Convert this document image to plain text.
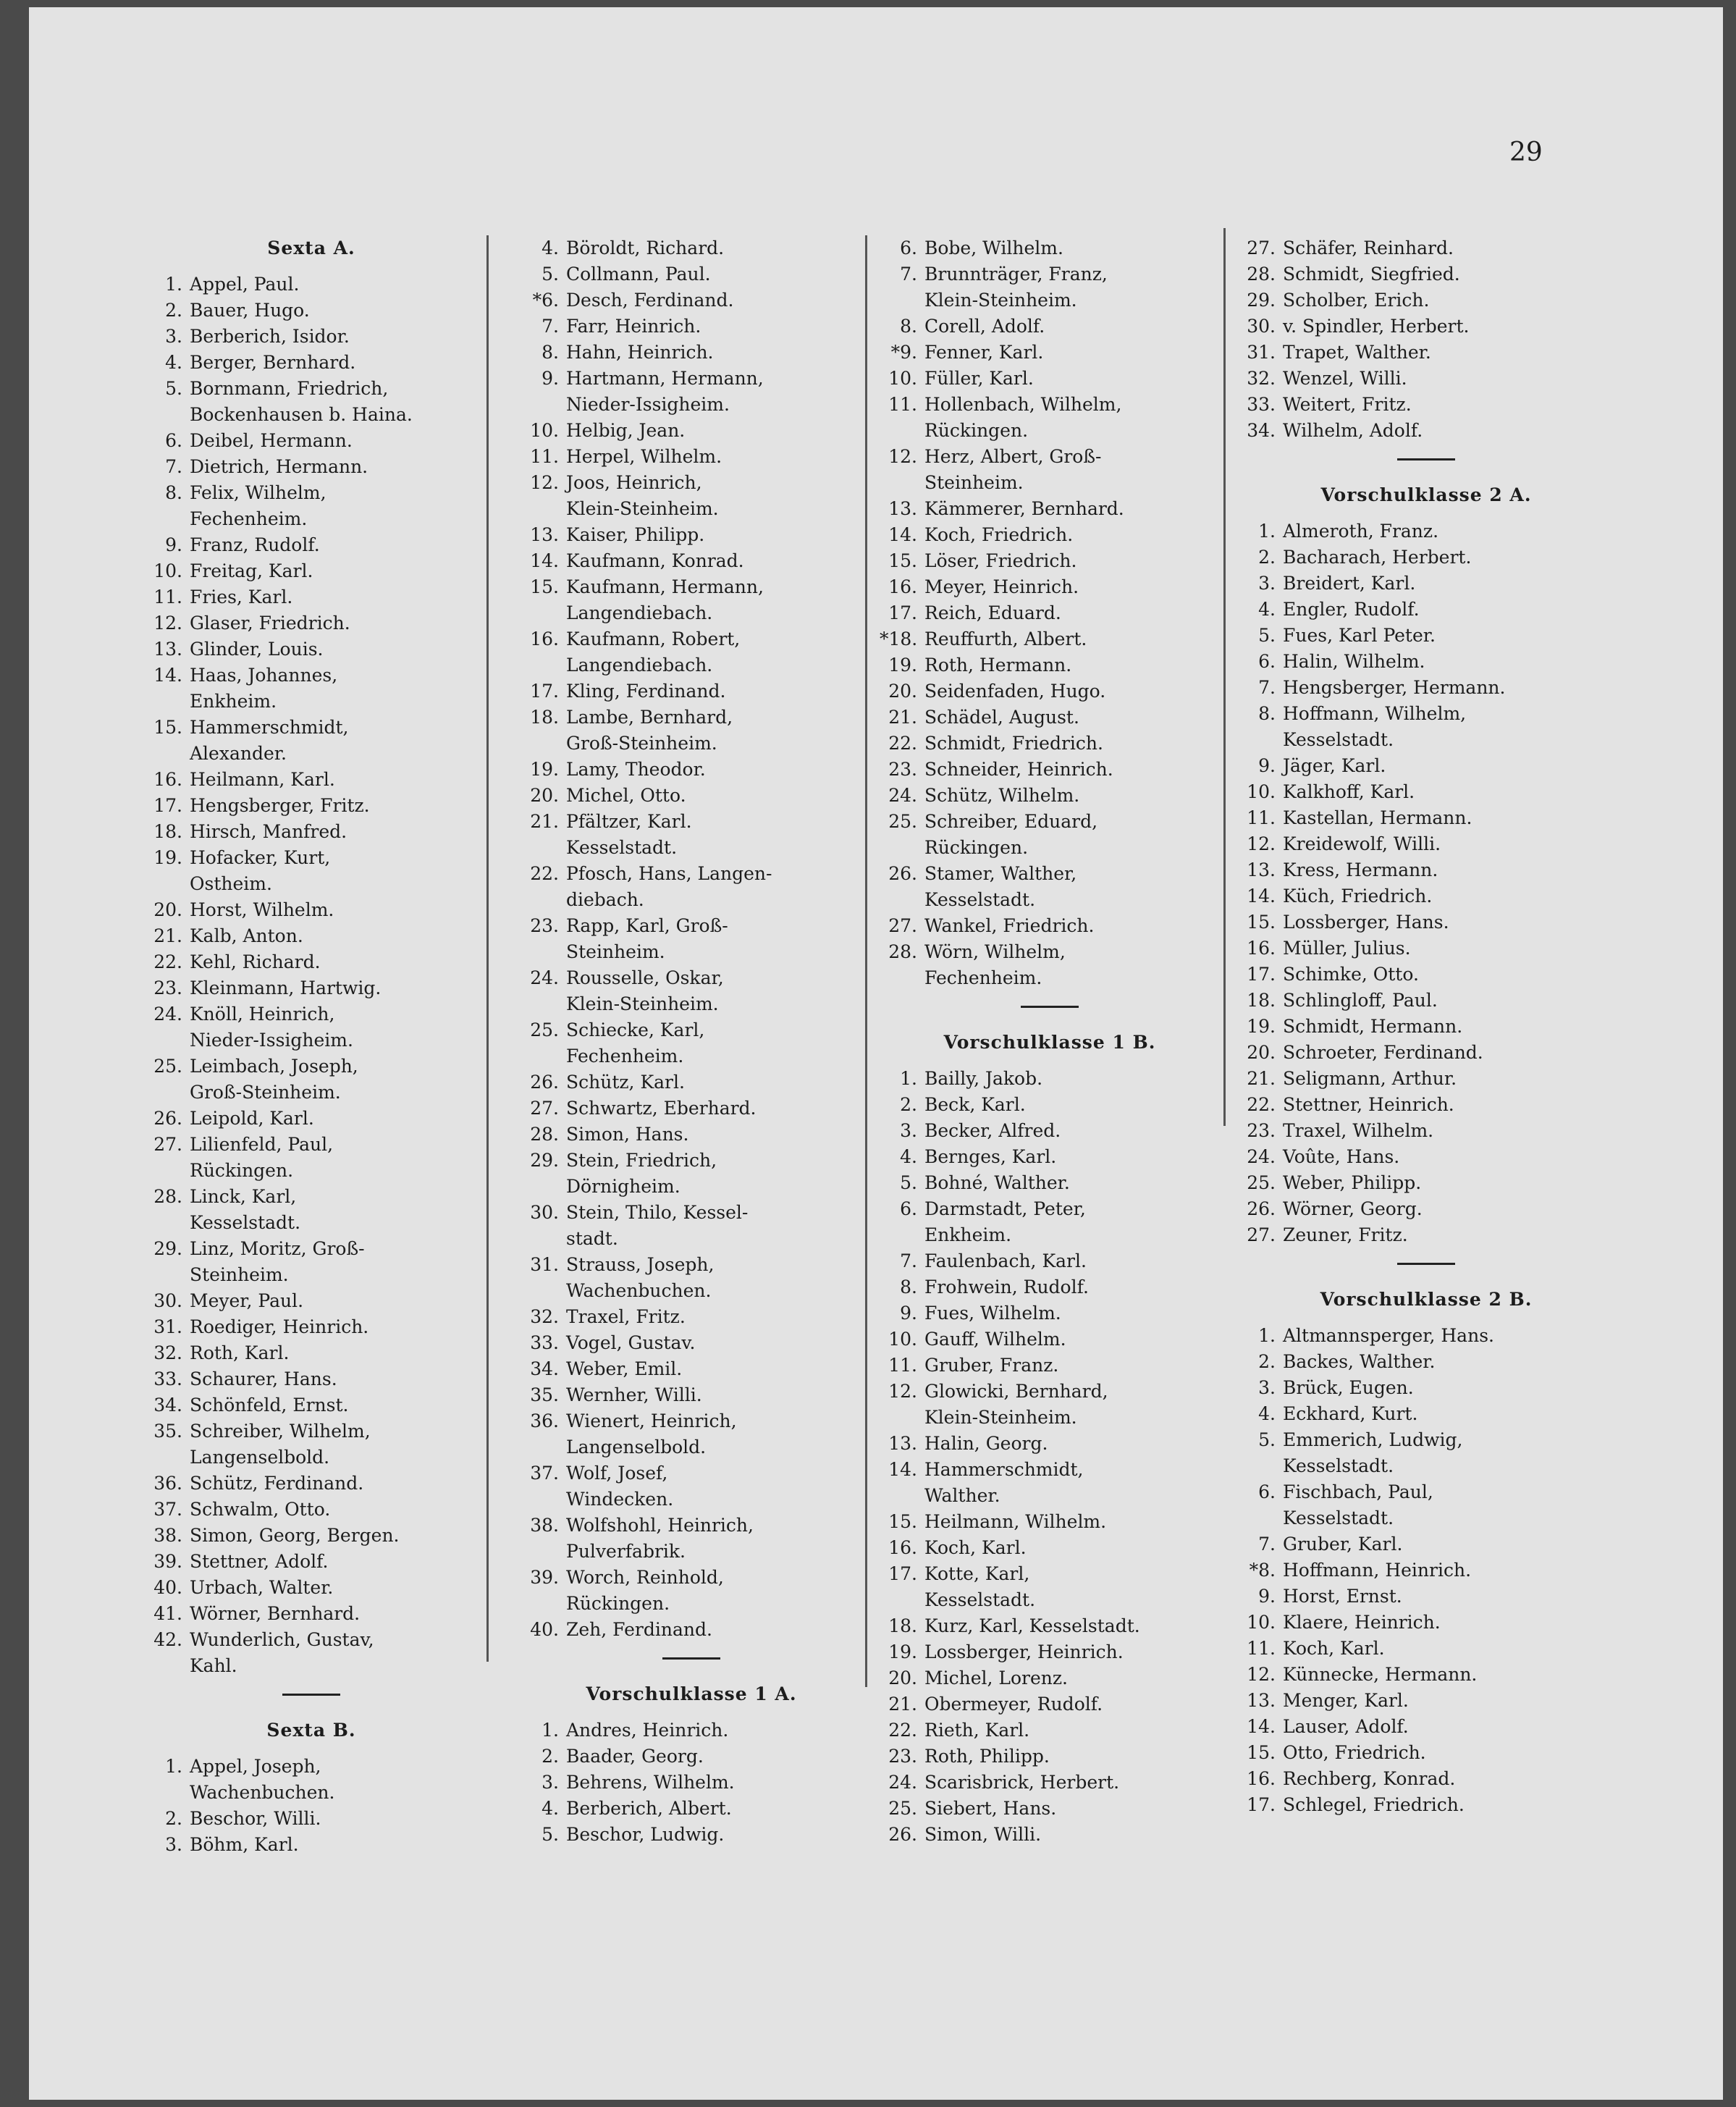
29
Sexta A.
1. Appel, Paul.
2. Bauer, Hugo.
3. Berberich, Isidor.
4. Berger, Bernhard.
5. Bornmann, Friedrich,
Bockenhausen b. Haina.
6. Deibel, Hermann.
7. Dietrich, Hermann.
8. Felix, Wilhelm,
Fechenheim.
9. Franz, Rudolf.
10. Freitag, Karl.
11. Fries, Karl.
12. Glaser, Friedrich.
13. Glinder, Louis.
14. Haas, Johannes,
Enkheim.
15. Hammerschmidt,
Alexander.
16. Heilmann, Karl.
17. Hengsberger, Fritz.
18. Hirsch, Manfred.
19. Hofacker, Kurt,
Ostheim.
20. Horst, Wilhelm.
21. Kalb, Anton.
22. Kehl, Richard.
23. Kleinmann, Hartwig.
24. Knöll, Heinrich,
Nieder-Issigheim.
25. Leimbach, Joseph,
Groß-Steinheim.
26. Leipold, Karl.
27. Lilienfeld, Paul,
Rückingen.
28. Linck, Karl,
Kesselstadt.
29. Linz, Moritz, Groß-
Steinheim.
30. Meyer, Paul.
31. Roediger, Heinrich.
32. Roth, Karl.
33. Schaurer, Hans.
34. Schönfeld, Ernst.
35. Schreiber, Wilhelm,
Langenselbold.
36. Schütz, Ferdinand.
37. Schwalm, Otto.
38. Simon, Georg, Bergen.
39. Stettner, Adolf.
40. Urbach, Walter.
41. Wörner, Bernhard.
42. Wunderlich, Gustav,
Kahl.
Sexta B.
1. Appel, Joseph,
Wachenbuchen.
2. Beschor, Willi.
3. Böhm, Karl.
4. Böroldt, Richard.
5. Collmann, Paul.
*6. Desch, Ferdinand.
7. Farr, Heinrich.
8. Hahn, Heinrich.
9. Hartmann, Hermann,
Nieder-Issigheim.
10. Helbig, Jean.
11. Herpel, Wilhelm.
12. Joos, Heinrich,
Klein-Steinheim.
13. Kaiser, Philipp.
14. Kaufmann, Konrad.
15. Kaufmann, Hermann,
Langendiebach.
16. Kaufmann, Robert,
Langendiebach.
17. Kling, Ferdinand.
18. Lambe, Bernhard,
Groß-Steinheim.
19. Lamy, Theodor.
20. Michel, Otto.
21. Pfältzer, Karl.
Kesselstadt.
22. Pfosch, Hans, Langen-
diebach.
23. Rapp, Karl, Groß-
Steinheim.
24. Rousselle, Oskar,
Klein-Steinheim.
25. Schiecke, Karl,
Fechenheim.
26. Schütz, Karl.
27. Schwartz, Eberhard.
28. Simon, Hans.
29. Stein, Friedrich,
Dörnigheim.
30. Stein, Thilo, Kessel-
stadt.
31. Strauss, Joseph,
Wachenbuchen.
32. Traxel, Fritz.
33. Vogel, Gustav.
34. Weber, Emil.
35. Wernher, Willi.
36. Wienert, Heinrich,
Langenselbold.
37. Wolf, Josef,
Windecken.
38. Wolfshohl, Heinrich,
Pulverfabrik.
39. Worch, Reinhold,
Rückingen.
40. Zeh, Ferdinand.
Vorschulklasse 1 A.
1. Andres, Heinrich.
2. Baader, Georg.
3. Behrens, Wilhelm.
4. Berberich, Albert.
5. Beschor, Ludwig.
6. Bobe, Wilhelm.
7. Brunnträger, Franz,
Klein-Steinheim.
8. Corell, Adolf.
*9. Fenner, Karl.
10. Füller, Karl.
11. Hollenbach, Wilhelm,
Rückingen.
12. Herz, Albert, Groß-
Steinheim.
13. Kämmerer, Bernhard.
14. Koch, Friedrich.
15. Löser, Friedrich.
16. Meyer, Heinrich.
17. Reich, Eduard.
*18. Reuffurth, Albert.
19. Roth, Hermann.
20. Seidenfaden, Hugo.
21. Schädel, August.
22. Schmidt, Friedrich.
23. Schneider, Heinrich.
24. Schütz, Wilhelm.
25. Schreiber, Eduard,
Rückingen.
26. Stamer, Walther,
Kesselstadt.
27. Wankel, Friedrich.
28. Wörn, Wilhelm,
Fechenheim.
Vorschulklasse 1 B.
1. Bailly, Jakob.
2. Beck, Karl.
3. Becker, Alfred.
4. Bernges, Karl.
5. Bohné, Walther.
6. Darmstadt, Peter,
Enkheim.
7. Faulenbach, Karl.
8. Frohwein, Rudolf.
9. Fues, Wilhelm.
10. Gauff, Wilhelm.
11. Gruber, Franz.
12. Glowicki, Bernhard,
Klein-Steinheim.
13. Halin, Georg.
14. Hammerschmidt,
Walther.
15. Heilmann, Wilhelm.
16. Koch, Karl.
17. Kotte, Karl,
Kesselstadt.
18. Kurz, Karl, Kesselstadt.
19. Lossberger, Heinrich.
20. Michel, Lorenz.
21. Obermeyer, Rudolf.
22. Rieth, Karl.
23. Roth, Philipp.
24. Scarisbrick, Herbert.
25. Siebert, Hans.
26. Simon, Willi.
27. Schäfer, Reinhard.
28. Schmidt, Siegfried.
29. Scholber, Erich.
30. v. Spindler, Herbert.
31. Trapet, Walther.
32. Wenzel, Willi.
33. Weitert, Fritz.
34. Wilhelm, Adolf.
Vorschulklasse 2 A.
1. Almeroth, Franz.
2. Bacharach, Herbert.
3. Breidert, Karl.
4. Engler, Rudolf.
5. Fues, Karl Peter.
6. Halin, Wilhelm.
7. Hengsberger, Hermann.
8. Hoffmann, Wilhelm,
Kesselstadt.
9. Jäger, Karl.
10. Kalkhoff, Karl.
11. Kastellan, Hermann.
12. Kreidewolf, Willi.
13. Kress, Hermann.
14. Küch, Friedrich.
15. Lossberger, Hans.
16. Müller, Julius.
17. Schimke, Otto.
18. Schlingloff, Paul.
19. Schmidt, Hermann.
20. Schroeter, Ferdinand.
21. Seligmann, Arthur.
22. Stettner, Heinrich.
23. Traxel, Wilhelm.
24. Voûte, Hans.
25. Weber, Philipp.
26. Wörner, Georg.
27. Zeuner, Fritz.
Vorschulklasse 2 B.
1. Altmannsperger, Hans.
2. Backes, Walther.
3. Brück, Eugen.
4. Eckhard, Kurt.
5. Emmerich, Ludwig,
Kesselstadt.
6. Fischbach, Paul,
Kesselstadt.
7. Gruber, Karl.
*8. Hoffmann, Heinrich.
9. Horst, Ernst.
10. Klaere, Heinrich.
11. Koch, Karl.
12. Künnecke, Hermann.
13. Menger, Karl.
14. Lauser, Adolf.
15. Otto, Friedrich.
16. Rechberg, Konrad.
17. Schlegel, Friedrich.
